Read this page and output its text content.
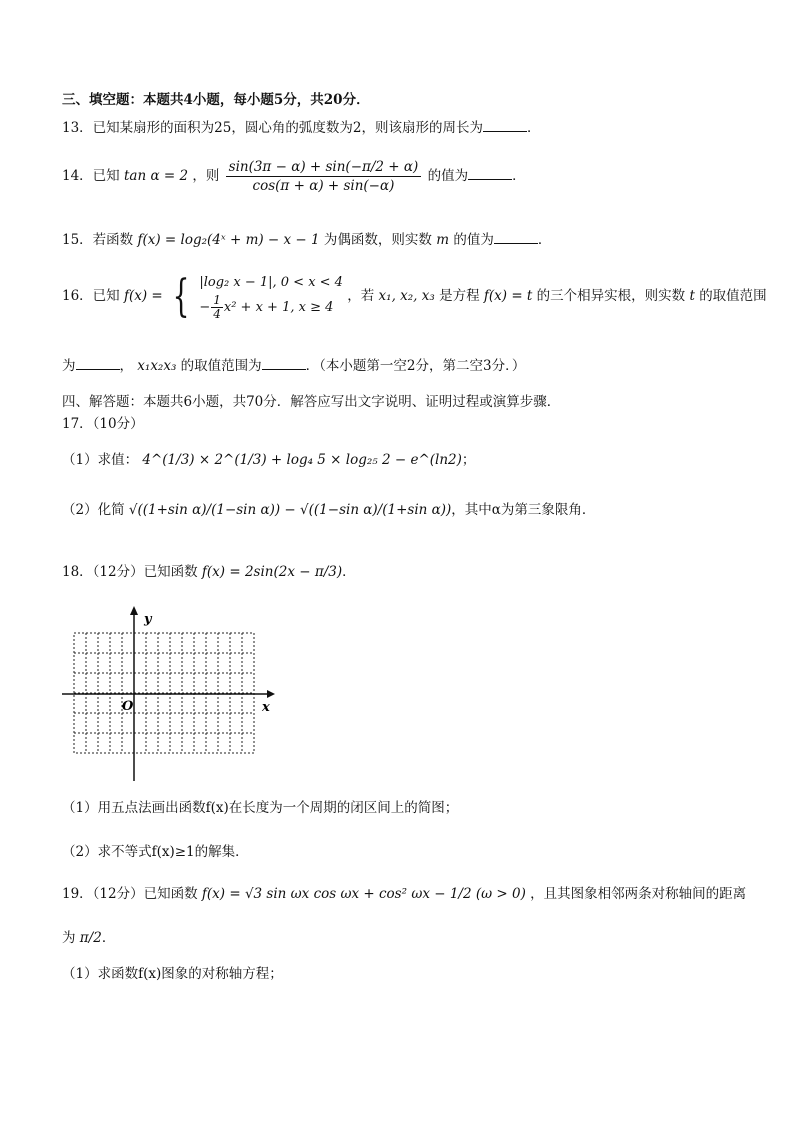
三、填空题：本题共4小题，每小题5分，共20分．
13．已知某扇形的面积为25，圆心角的弧度数为2，则该扇形的周长为	．
14．已知 tan α = 2 ，则 $\frac{\sin(3\pi - \alpha) + \sin(-\pi/2 + \alpha)}{\cos(\pi + \alpha) + \sin(-\alpha)}$ 的值为	．
15．若函数 f(x) = log₂(4ˣ + m) − x − 1 为偶函数，则实数 m 的值为	．
16．已知 f(x) = { |log₂ x − 1|, 0 < x < 4
− $\frac{1}{4} x^2 + x + 1$, x ≥ 4
，若 x₁, x₂, x₃ 是方程 f(x) = t 的三个相异实根，则实数 t 的取值范围
为	， x₁x₂x₃ 的取值范围为	．（本小题第一空2分，第二空3分．）
四、解答题：本题共6小题，共70分．解答应写出文字说明、证明过程或演算步骤．
17．（10分）
（1）求值： 4^(1/3) × 2^(1/3) + log₄ 5 × log₂₅ 2 − e^(ln2)；
（2）化简 √((1+sin α)/(1−sin α)) − √((1−sin α)/(1+sin α))，其中α为第三象限角．
18．（12分）已知函数 f(x) = 2sin(2x − π/3)．
y
x
O
（1）用五点法画出函数f(x)在长度为一个周期的闭区间上的简图；
（2）求不等式f(x)≥1的解集．
19．（12分）已知函数 f(x) = √3 sin ωx cos ωx + cos² ωx − 1/2 (ω > 0) ，且其图象相邻两条对称轴间的距离
为 π/2．
（1）求函数f(x)图象的对称轴方程；
